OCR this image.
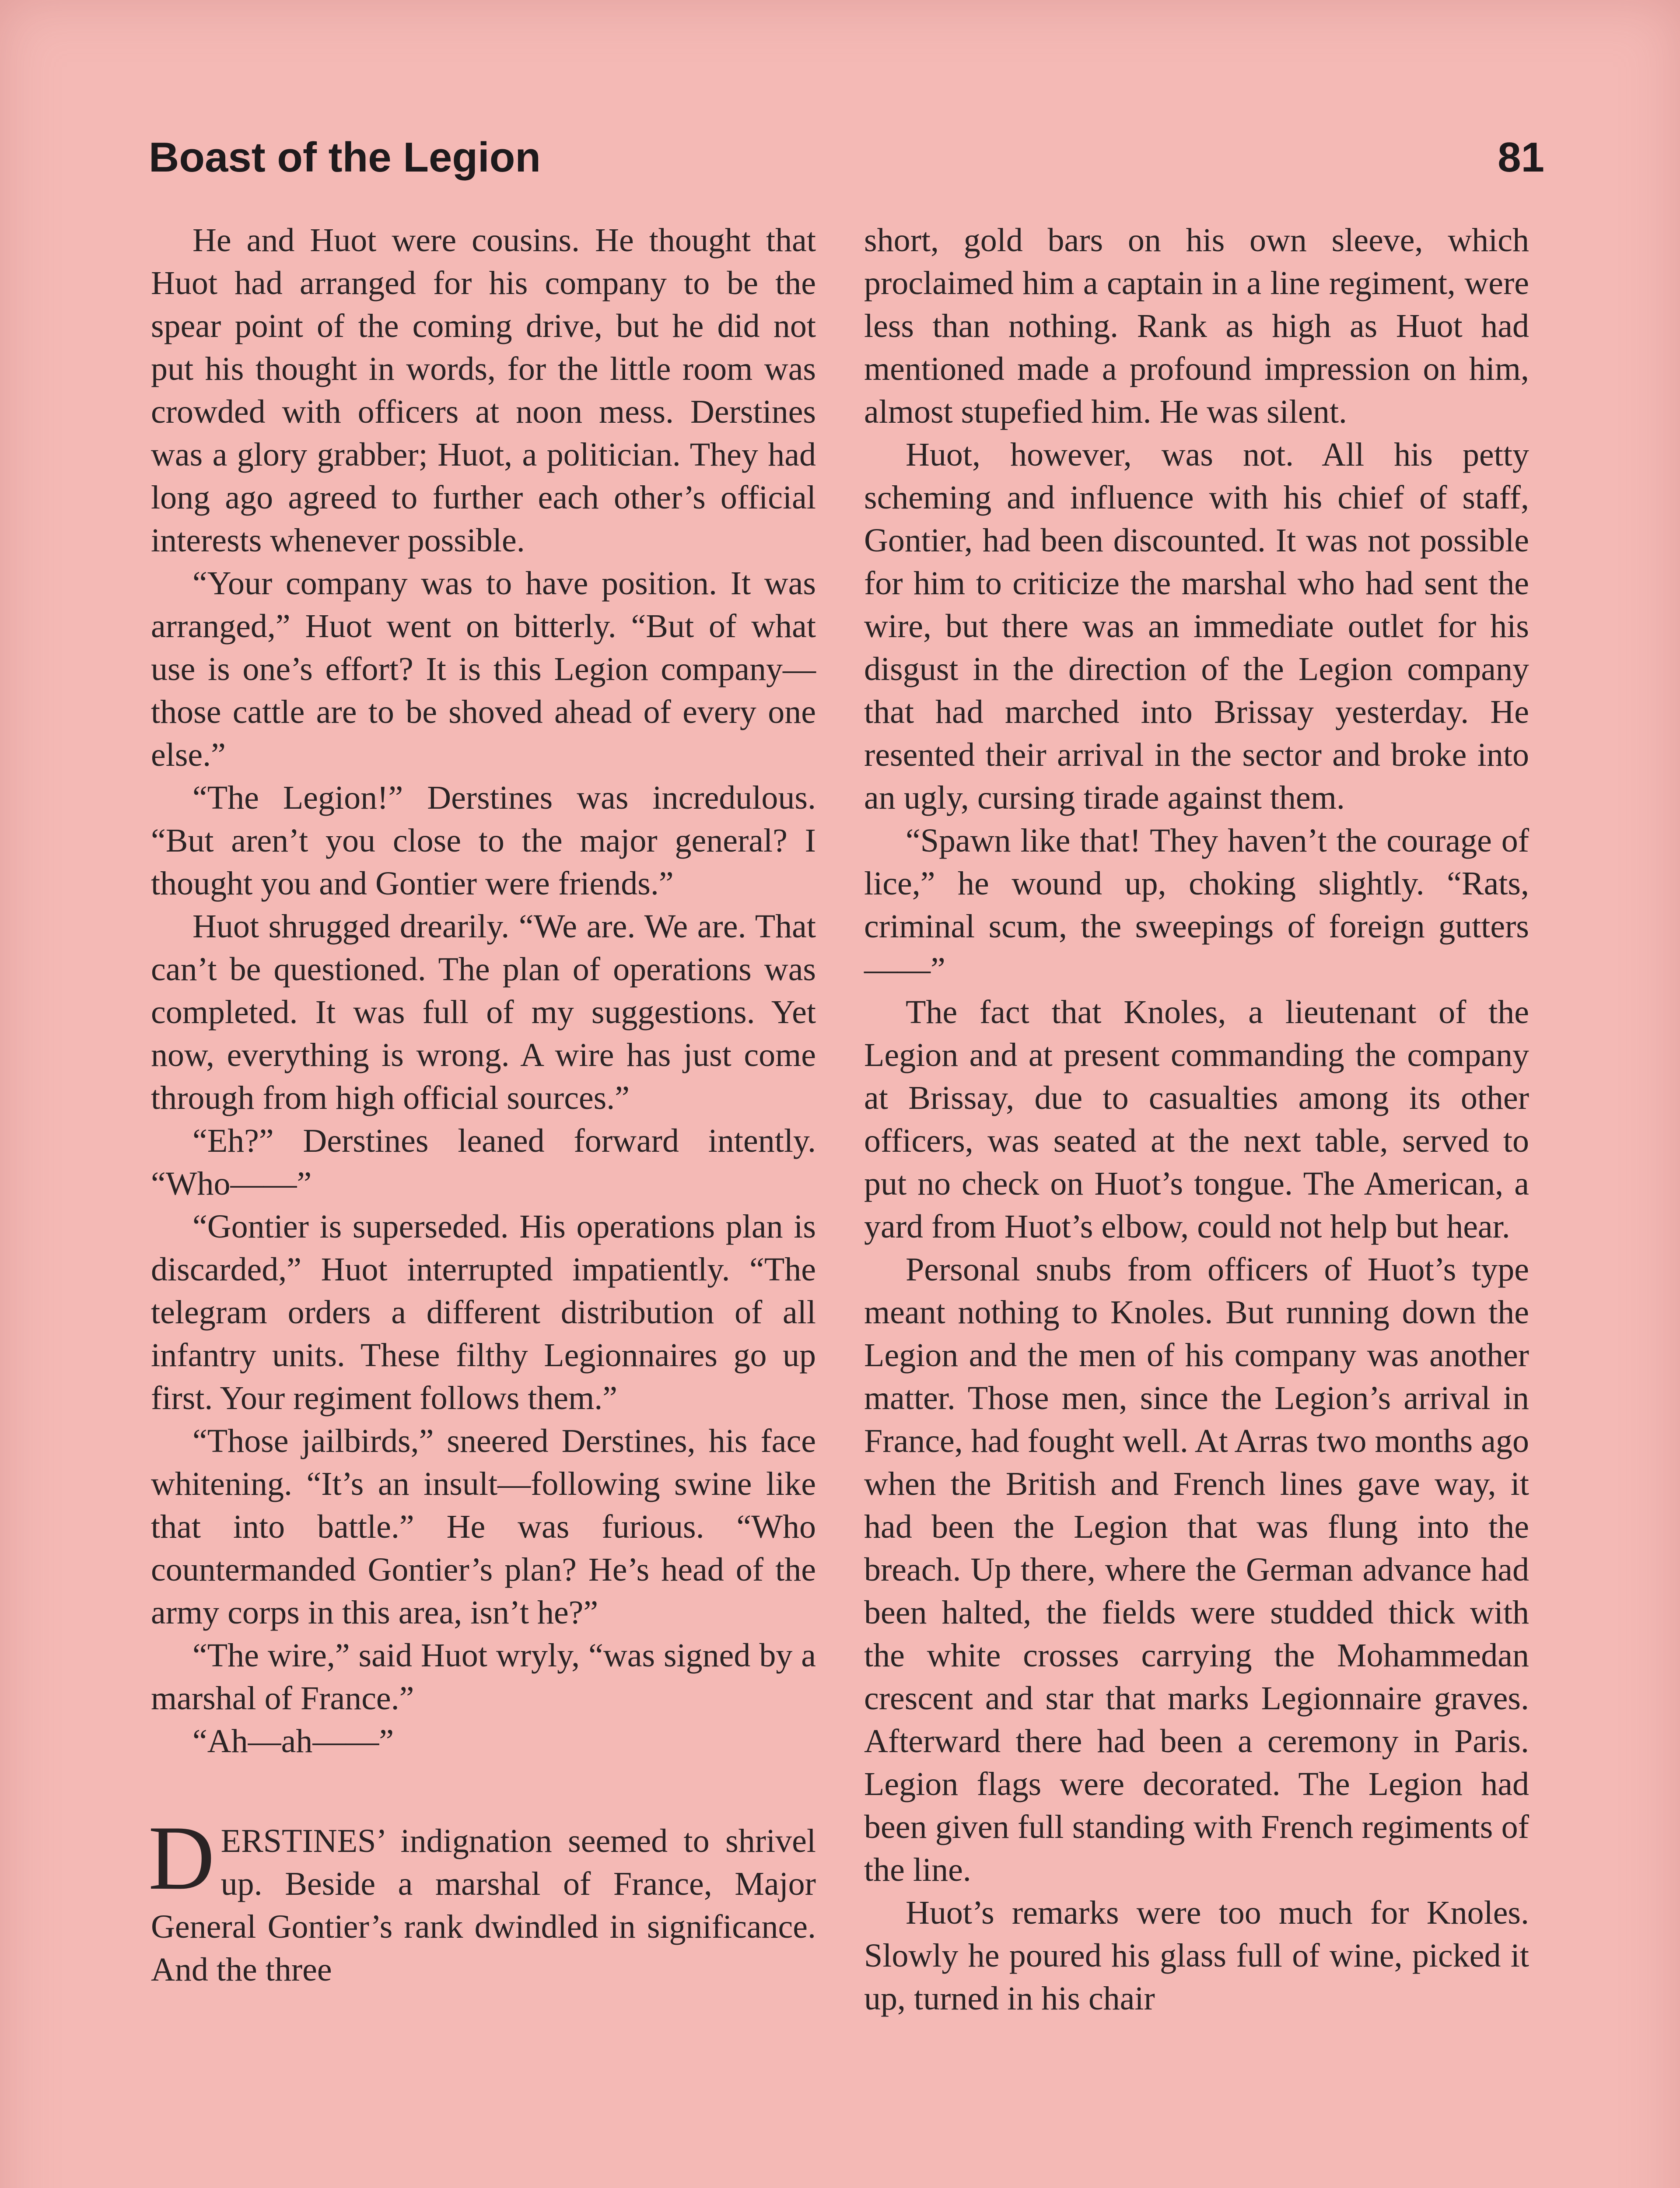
Boast of the Legion	81

He and Huot were cousins. He thought that Huot had arranged for his company to be the spear point of the coming drive, but he did not put his thought in words, for the little room was crowded with officers at noon mess. Derstines was a glory grabber; Huot, a politician. They had long ago agreed to further each other’s official interests whenever possible.

“Your company was to have position. It was arranged,” Huot went on bitterly. “But of what use is one’s effort? It is this Legion company—those cattle are to be shoved ahead of every one else.”

“The Legion!” Derstines was incredulous. “But aren’t you close to the major general? I thought you and Gontier were friends.”

Huot shrugged drearily. “We are. We are. That can’t be questioned. The plan of operations was completed. It was full of my suggestions. Yet now, everything is wrong. A wire has just come through from high official sources.”

“Eh?” Derstines leaned forward intently. “Who——”

“Gontier is superseded. His operations plan is discarded,” Huot interrupted impatiently. “The telegram orders a different distribution of all infantry units. These filthy Legionnaires go up first. Your regiment follows them.”

“Those jailbirds,” sneered Derstines, his face whitening. “It’s an insult—following swine like that into battle.” He was furious. “Who countermanded Gontier’s plan? He’s head of the army corps in this area, isn’t he?”

“The wire,” said Huot wryly, “was signed by a marshal of France.”

“Ah—ah——”

DERSTINES’ indignation seemed to shrivel up. Beside a marshal of France, Major General Gontier’s rank dwindled in significance. And the three

short, gold bars on his own sleeve, which proclaimed him a captain in a line regiment, were less than nothing. Rank as high as Huot had mentioned made a profound impression on him, almost stupefied him. He was silent.

Huot, however, was not. All his petty scheming and influence with his chief of staff, Gontier, had been discounted. It was not possible for him to criticize the marshal who had sent the wire, but there was an immediate outlet for his disgust in the direction of the Legion company that had marched into Brissay yesterday. He resented their arrival in the sector and broke into an ugly, cursing tirade against them.

“Spawn like that! They haven’t the courage of lice,” he wound up, choking slightly. “Rats, criminal scum, the sweepings of foreign gutters——”

The fact that Knoles, a lieutenant of the Legion and at present commanding the company at Brissay, due to casualties among its other officers, was seated at the next table, served to put no check on Huot’s tongue. The American, a yard from Huot’s elbow, could not help but hear.

Personal snubs from officers of Huot’s type meant nothing to Knoles. But running down the Legion and the men of his company was another matter. Those men, since the Legion’s arrival in France, had fought well. At Arras two months ago when the British and French lines gave way, it had been the Legion that was flung into the breach. Up there, where the German advance had been halted, the fields were studded thick with the white crosses carrying the Mohammedan crescent and star that marks Legionnaire graves. Afterward there had been a ceremony in Paris. Legion flags were decorated. The Legion had been given full standing with French regiments of the line.

Huot’s remarks were too much for Knoles. Slowly he poured his glass full of wine, picked it up, turned in his chair
